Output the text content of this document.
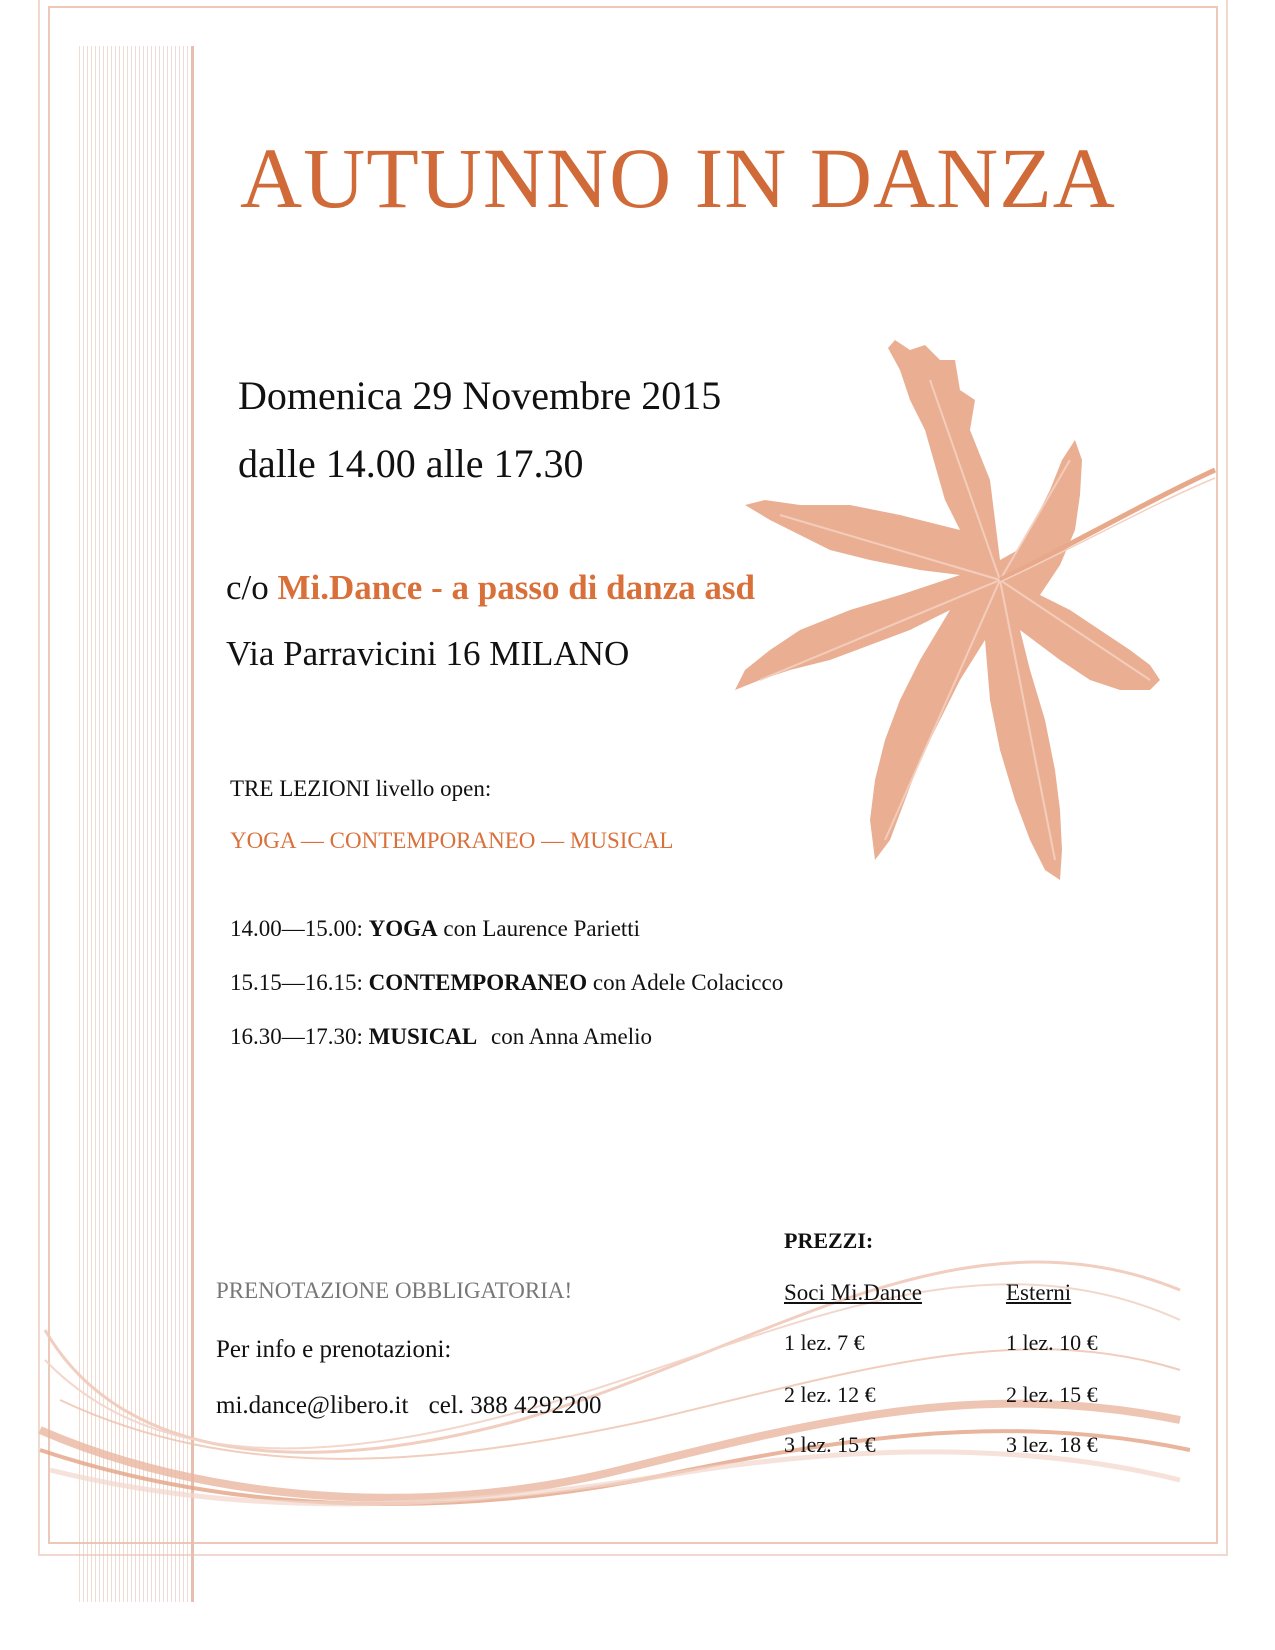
AUTUNNO IN DANZA
Domenica 29 Novembre 2015
dalle 14.00 alle 17.30
c/o Mi.Dance - a passo di danza asd
Via Parravicini 16 MILANO
TRE LEZIONI livello open:
YOGA — CONTEMPORANEO — MUSICAL
14.00—15.00: YOGA con Laurence Parietti
15.15—16.15: CONTEMPORANEO con Adele Colacicco
16.30—17.30: MUSICAL con Anna Amelio
PRENOTAZIONE OBBLIGATORIA!
Per info e prenotazioni:
mi.dance@libero.it cel. 388 4292200
PREZZI:
Soci Mi.Dance	Esterni
1 lez. 7 €	1 lez. 10 €
2 lez. 12 €	2 lez. 15 €
3 lez. 15 €	3 lez. 18 €
